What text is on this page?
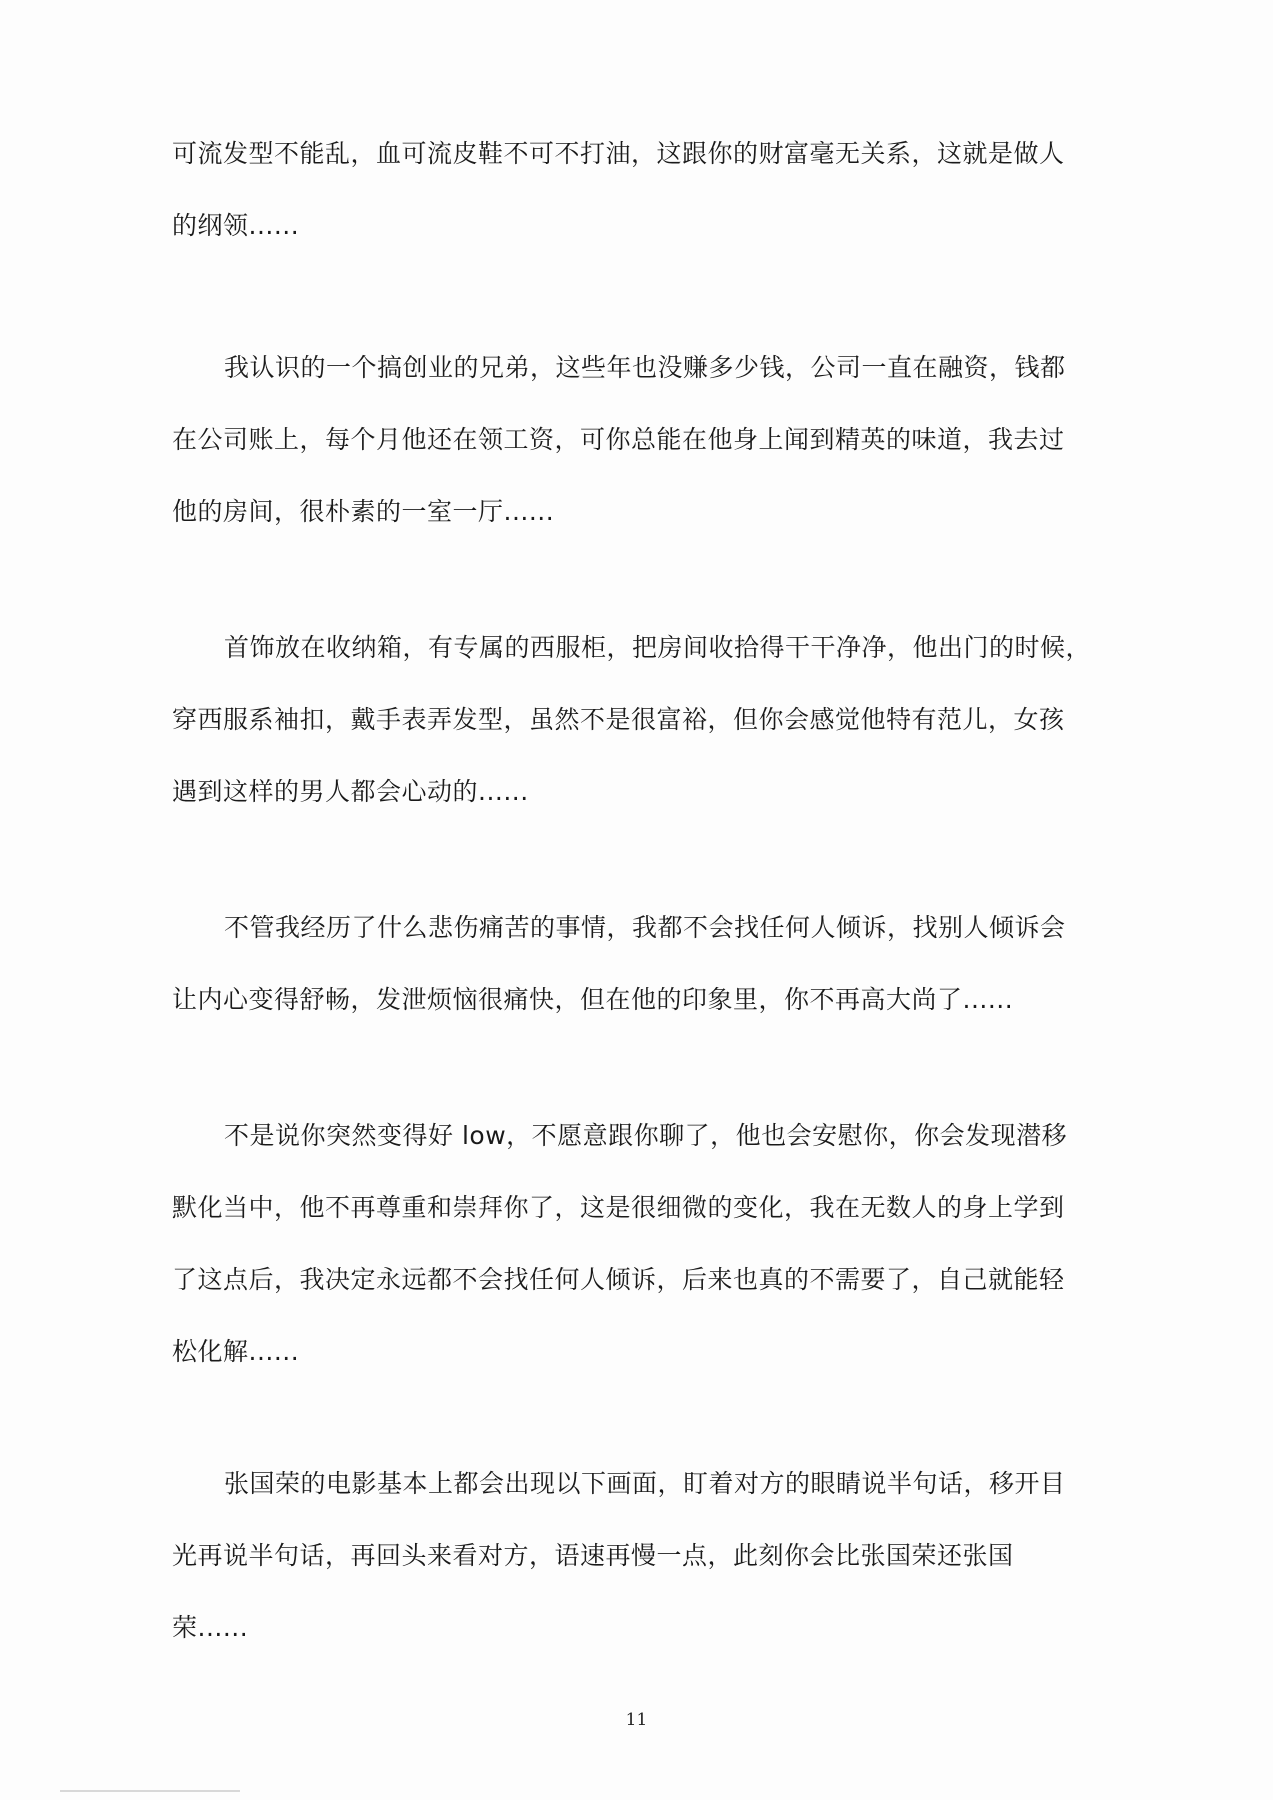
可流发型不能乱，血可流皮鞋不可不打油，这跟你的财富毫无关系，这就是做人
的纲领......

我认识的一个搞创业的兄弟，这些年也没赚多少钱，公司一直在融资，钱都
在公司账上，每个月他还在领工资，可你总能在他身上闻到精英的味道，我去过
他的房间，很朴素的一室一厅......

首饰放在收纳箱，有专属的西服柜，把房间收拾得干干净净，他出门的时候，
穿西服系袖扣，戴手表弄发型，虽然不是很富裕，但你会感觉他特有范儿，女孩
遇到这样的男人都会心动的......

不管我经历了什么悲伤痛苦的事情，我都不会找任何人倾诉，找别人倾诉会
让内心变得舒畅，发泄烦恼很痛快，但在他的印象里，你不再高大尚了......

不是说你突然变得好 low，不愿意跟你聊了，他也会安慰你，你会发现潜移
默化当中，他不再尊重和崇拜你了，这是很细微的变化，我在无数人的身上学到
了这点后，我决定永远都不会找任何人倾诉，后来也真的不需要了，自己就能轻
松化解......

张国荣的电影基本上都会出现以下画面，盯着对方的眼睛说半句话，移开目
光再说半句话，再回头来看对方，语速再慢一点，此刻你会比张国荣还张国
荣......

11
